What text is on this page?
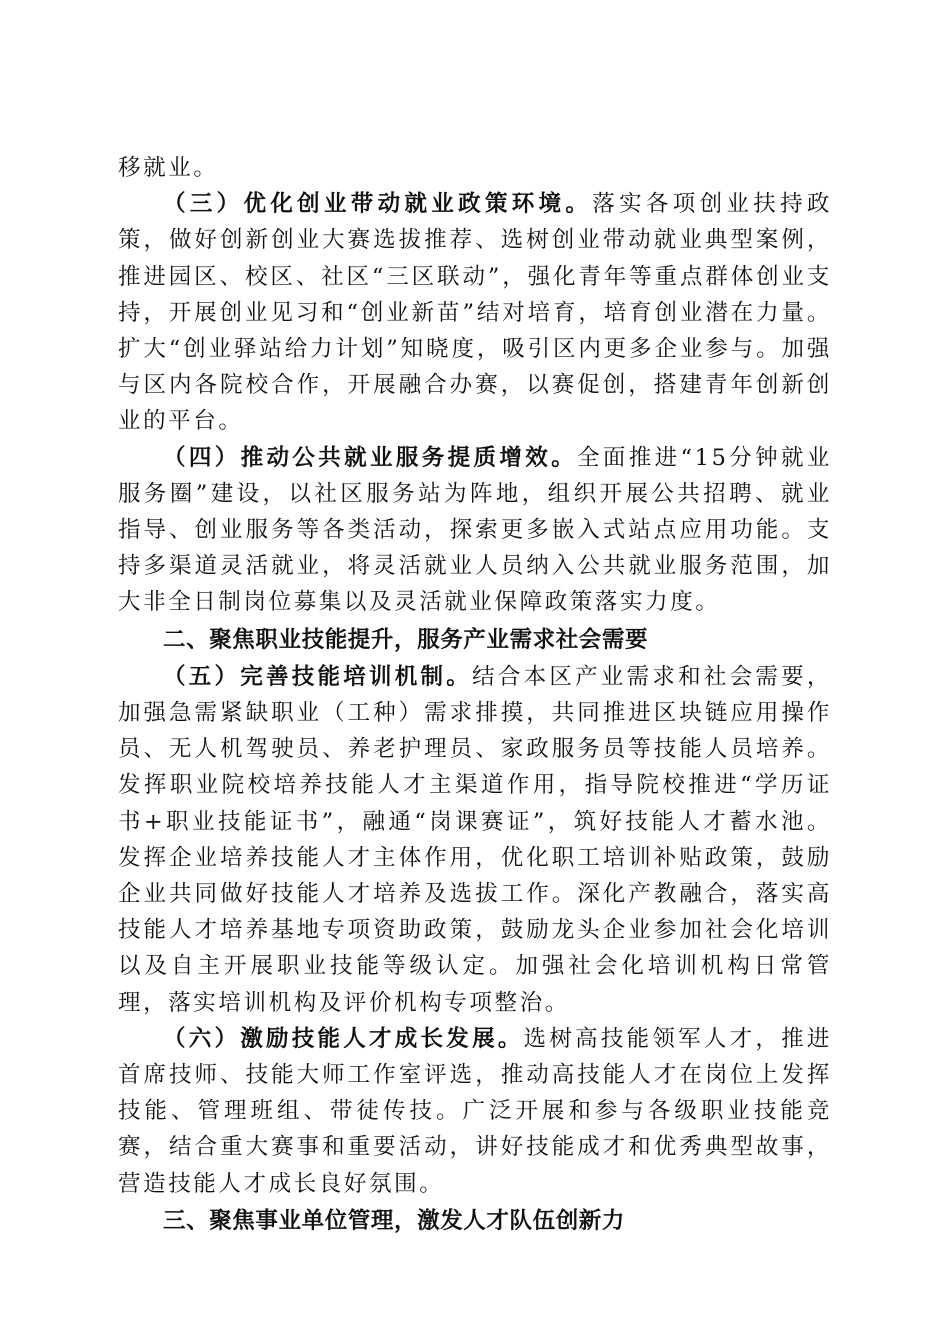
移就业。

（三）优化创业带动就业政策环境。落实各项创业扶持政策，做好创新创业大赛选拔推荐、选树创业带动就业典型案例，推进园区、校区、社区“三区联动”，强化青年等重点群体创业支持，开展创业见习和“创业新苗”结对培育，培育创业潜在力量。扩大“创业驿站给力计划”知晓度，吸引区内更多企业参与。加强与区内各院校合作，开展融合办赛，以赛促创，搭建青年创新创业的平台。

（四）推动公共就业服务提质增效。全面推进“15分钟就业服务圈”建设，以社区服务站为阵地，组织开展公共招聘、就业指导、创业服务等各类活动，探索更多嵌入式站点应用功能。支持多渠道灵活就业，将灵活就业人员纳入公共就业服务范围，加大非全日制岗位募集以及灵活就业保障政策落实力度。

二、聚焦职业技能提升，服务产业需求社会需要

（五）完善技能培训机制。结合本区产业需求和社会需要，加强急需紧缺职业（工种）需求排摸，共同推进区块链应用操作员、无人机驾驶员、养老护理员、家政服务员等技能人员培养。发挥职业院校培养技能人才主渠道作用，指导院校推进“学历证书+职业技能证书”，融通“岗课赛证”，筑好技能人才蓄水池。发挥企业培养技能人才主体作用，优化职工培训补贴政策，鼓励企业共同做好技能人才培养及选拔工作。深化产教融合，落实高技能人才培养基地专项资助政策，鼓励龙头企业参加社会化培训以及自主开展职业技能等级认定。加强社会化培训机构日常管理，落实培训机构及评价机构专项整治。

（六）激励技能人才成长发展。选树高技能领军人才，推进首席技师、技能大师工作室评选，推动高技能人才在岗位上发挥技能、管理班组、带徒传技。广泛开展和参与各级职业技能竞赛，结合重大赛事和重要活动，讲好技能成才和优秀典型故事，营造技能人才成长良好氛围。

三、聚焦事业单位管理，激发人才队伍创新力
